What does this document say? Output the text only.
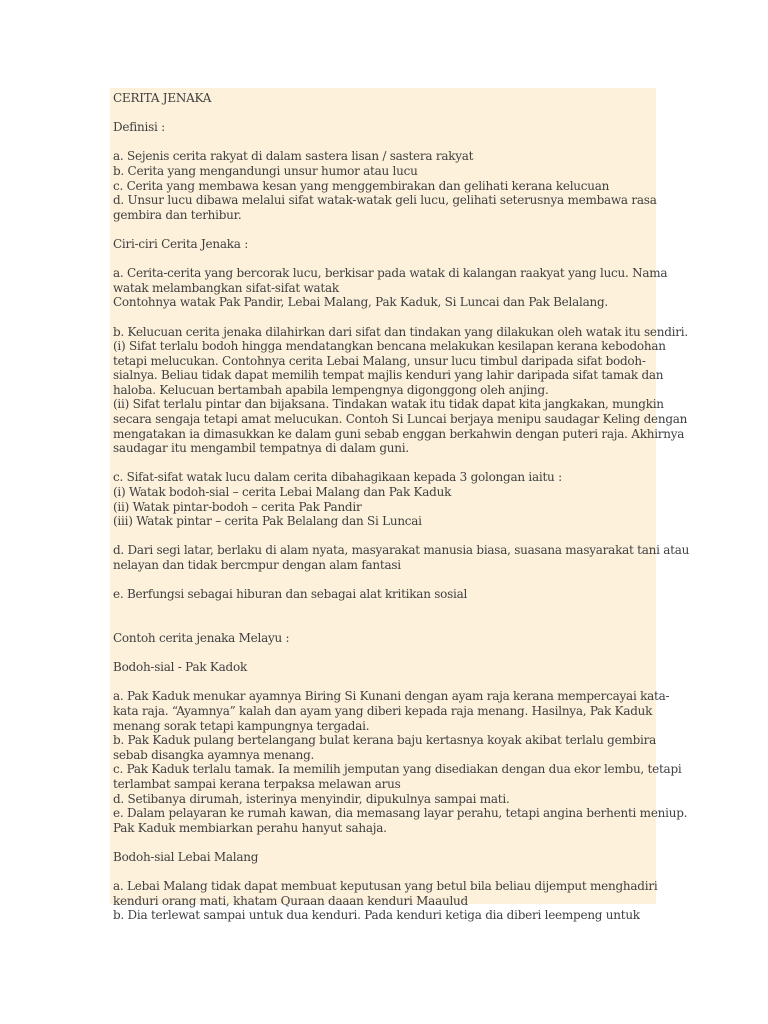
CERITA JENAKA
Definisi :
a. Sejenis cerita rakyat di dalam sastera lisan / sastera rakyat
b. Cerita yang mengandungi unsur humor atau lucu
c. Cerita yang membawa kesan yang menggembirakan dan gelihati kerana kelucuan
d. Unsur lucu dibawa melalui sifat watak-watak geli lucu, gelihati seterusnya membawa rasa
gembira dan terhibur.
Ciri-ciri Cerita Jenaka :
a. Cerita-cerita yang bercorak lucu, berkisar pada watak di kalangan raakyat yang lucu. Nama
watak melambangkan sifat-sifat watak
Contohnya watak Pak Pandir, Lebai Malang, Pak Kaduk, Si Luncai dan Pak Belalang.
b. Kelucuan cerita jenaka dilahirkan dari sifat dan tindakan yang dilakukan oleh watak itu sendiri.
(i) Sifat terlalu bodoh hingga mendatangkan bencana melakukan kesilapan kerana kebodohan
tetapi melucukan. Contohnya cerita Lebai Malang, unsur lucu timbul daripada sifat bodoh-
sialnya. Beliau tidak dapat memilih tempat majlis kenduri yang lahir daripada sifat tamak dan
haloba. Kelucuan bertambah apabila lempengnya digonggong oleh anjing.
(ii) Sifat terlalu pintar dan bijaksana. Tindakan watak itu tidak dapat kita jangkakan, mungkin
secara sengaja tetapi amat melucukan. Contoh Si Luncai berjaya menipu saudagar Keling dengan
mengatakan ia dimasukkan ke dalam guni sebab enggan berkahwin dengan puteri raja. Akhirnya
saudagar itu mengambil tempatnya di dalam guni.
c. Sifat-sifat watak lucu dalam cerita dibahagikaan kepada 3 golongan iaitu :
(i) Watak bodoh-sial – cerita Lebai Malang dan Pak Kaduk
(ii) Watak pintar-bodoh – cerita Pak Pandir
(iii) Watak pintar – cerita Pak Belalang dan Si Luncai
d. Dari segi latar, berlaku di alam nyata, masyarakat manusia biasa, suasana masyarakat tani atau
nelayan dan tidak bercmpur dengan alam fantasi
e. Berfungsi sebagai hiburan dan sebagai alat kritikan sosial
Contoh cerita jenaka Melayu :
Bodoh-sial - Pak Kadok
a. Pak Kaduk menukar ayamnya Biring Si Kunani dengan ayam raja kerana mempercayai kata-
kata raja. “Ayamnya” kalah dan ayam yang diberi kepada raja menang. Hasilnya, Pak Kaduk
menang sorak tetapi kampungnya tergadai.
b. Pak Kaduk pulang bertelangang bulat kerana baju kertasnya koyak akibat terlalu gembira
sebab disangka ayamnya menang.
c. Pak Kaduk terlalu tamak. Ia memilih jemputan yang disediakan dengan dua ekor lembu, tetapi
terlambat sampai kerana terpaksa melawan arus
d. Setibanya dirumah, isterinya menyindir, dipukulnya sampai mati.
e. Dalam pelayaran ke rumah kawan, dia memasang layar perahu, tetapi angina berhenti meniup.
Pak Kaduk membiarkan perahu hanyut sahaja.
Bodoh-sial Lebai Malang
a. Lebai Malang tidak dapat membuat keputusan yang betul bila beliau dijemput menghadiri
kenduri orang mati, khatam Quraan daaan kenduri Maaulud
b. Dia terlewat sampai untuk dua kenduri. Pada kenduri ketiga dia diberi leempeng untuk
